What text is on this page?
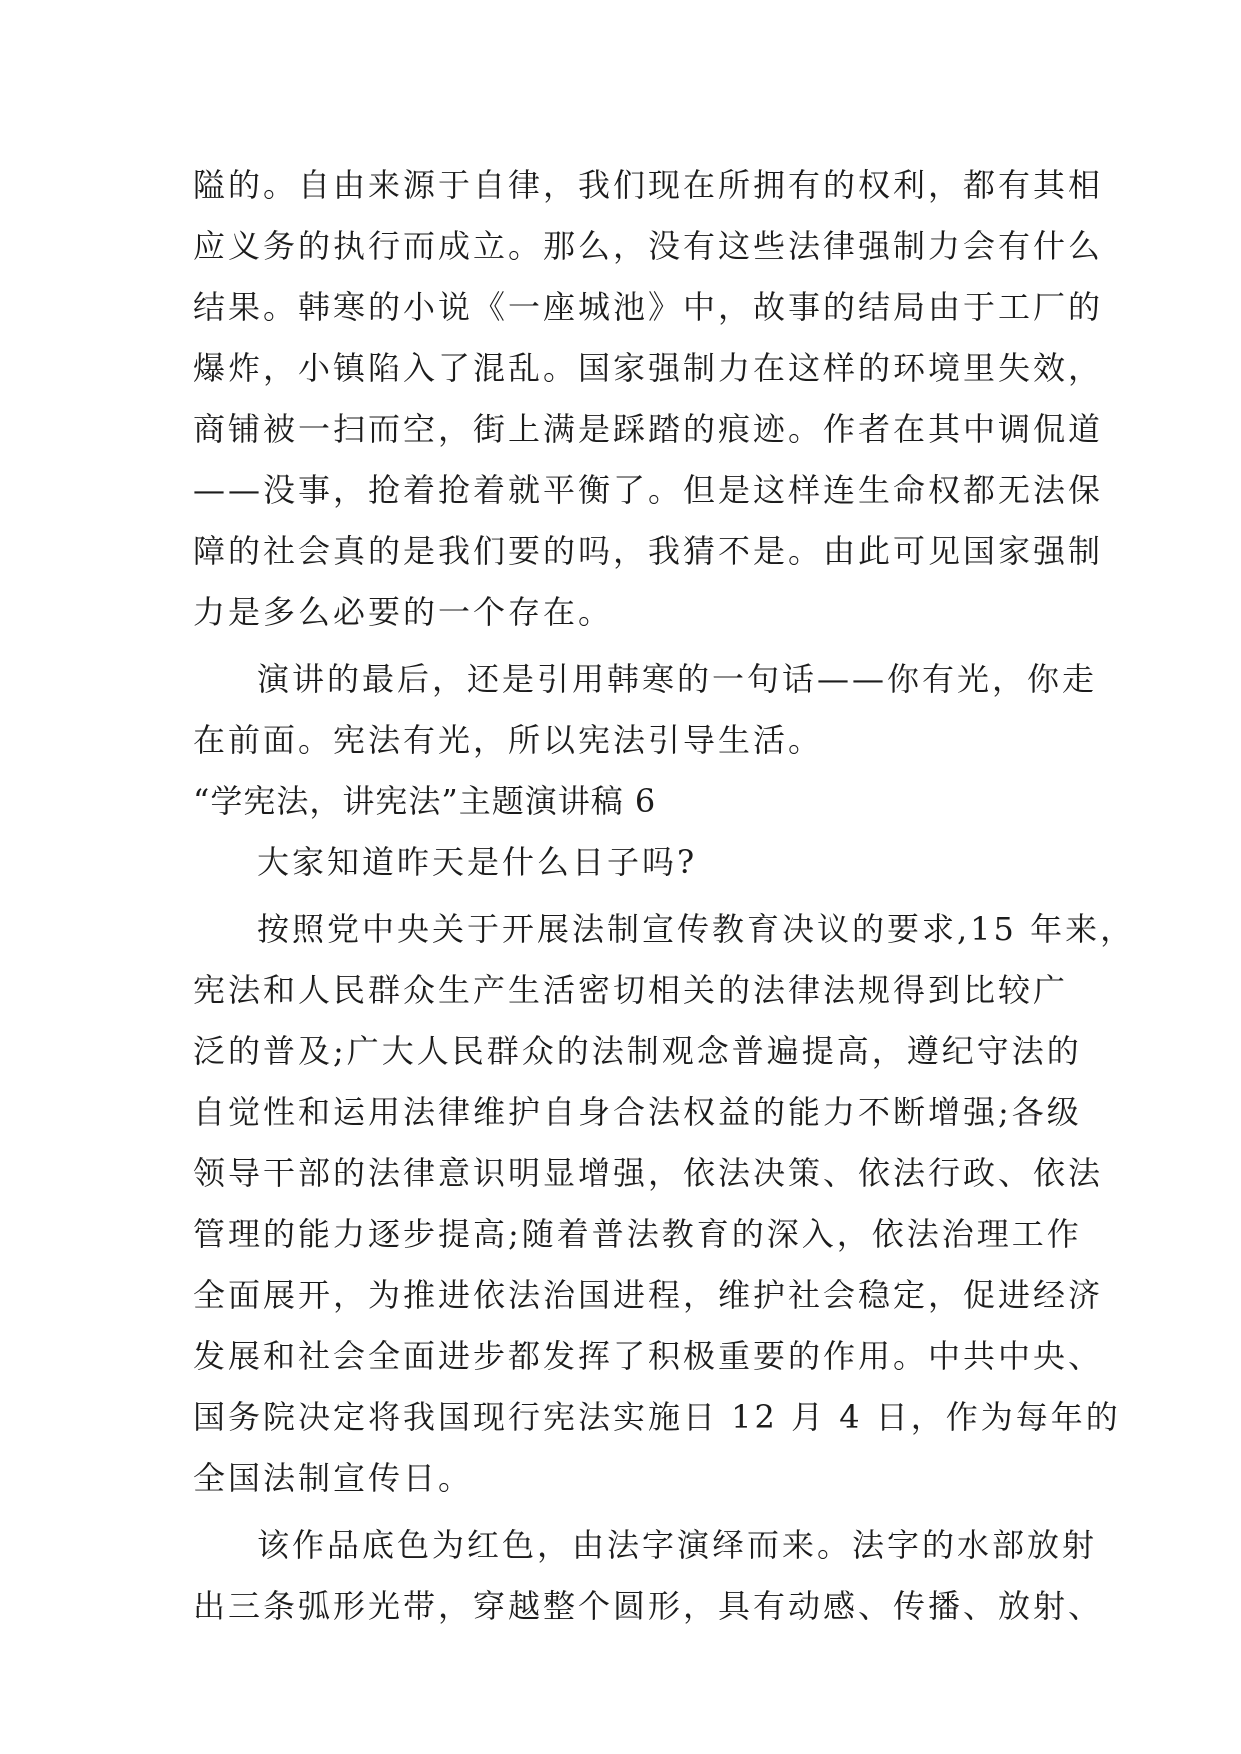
隘的。自由来源于自律，我们现在所拥有的权利，都有其相
应义务的执行而成立。那么，没有这些法律强制力会有什么
结果。韩寒的小说《一座城池》中，故事的结局由于工厂的
爆炸，小镇陷入了混乱。国家强制力在这样的环境里失效，
商铺被一扫而空，街上满是踩踏的痕迹。作者在其中调侃道
——没事，抢着抢着就平衡了。但是这样连生命权都无法保
障的社会真的是我们要的吗，我猜不是。由此可见国家强制
力是多么必要的一个存在。
演讲的最后，还是引用韩寒的一句话——你有光，你走
在前面。宪法有光，所以宪法引导生活。
“学宪法，讲宪法”主题演讲稿 6
大家知道昨天是什么日子吗?
按照党中央关于开展法制宣传教育决议的要求,15 年来，
宪法和人民群众生产生活密切相关的法律法规得到比较广
泛的普及;广大人民群众的法制观念普遍提高，遵纪守法的
自觉性和运用法律维护自身合法权益的能力不断增强;各级
领导干部的法律意识明显增强，依法决策、依法行政、依法
管理的能力逐步提高;随着普法教育的深入，依法治理工作
全面展开，为推进依法治国进程，维护社会稳定，促进经济
发展和社会全面进步都发挥了积极重要的作用。中共中央、
国务院决定将我国现行宪法实施日 12 月 4 日，作为每年的
全国法制宣传日。
该作品底色为红色，由法字演绎而来。法字的水部放射
出三条弧形光带，穿越整个圆形，具有动感、传播、放射、
